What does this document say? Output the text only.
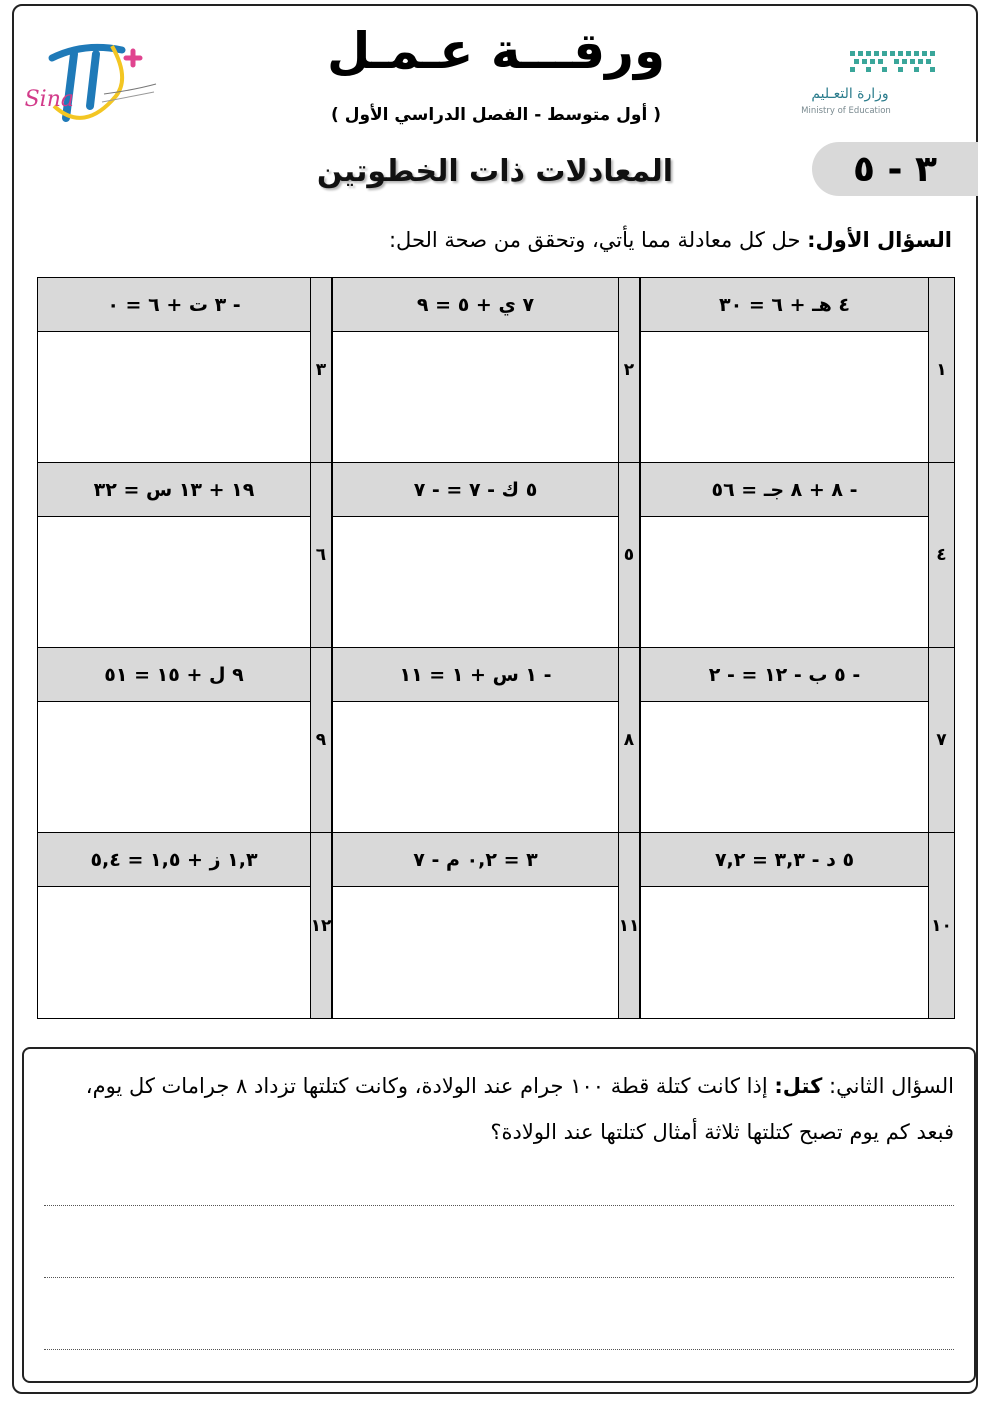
Sina	وزارة التعـليم
Ministry of Education
ورقـــة عـمـل
( أول متوسط - الفصل الدراسي الأول )
٣ - ٥
المعادلات ذات الخطوتين
السؤال الأول: حل كل معادلة مما يأتي، وتحقق من صحة الحل:
- ٣ ت + ٦ = ٠
٣
٧ ي + ٥ = ٩
٢
٤ هـ + ٦ = ٣٠
١
١٩ + ١٣ س = ٣٢
٦
٥ ك - ٧ = - ٧
٥
- ٨ + ٨ جـ = ٥٦
٤
٩ ل + ١٥ = ٥١
٩
- ١ س + ١ = ١١
٨
- ٥ ب - ١٢ = - ٢
٧
١,٣ ز + ١,٥ = ٥,٤
١٢
٣ = ٠,٢ م - ٧
١١
٥ د - ٣,٣ = ٧,٢
١٠
السؤال الثاني: كتل: إذا كانت كتلة قطة ١٠٠ جرام عند الولادة، وكانت كتلتها تزداد ٨ جرامات كل يوم، فبعد كم يوم تصبح كتلتها ثلاثة أمثال كتلتها عند الولادة؟
